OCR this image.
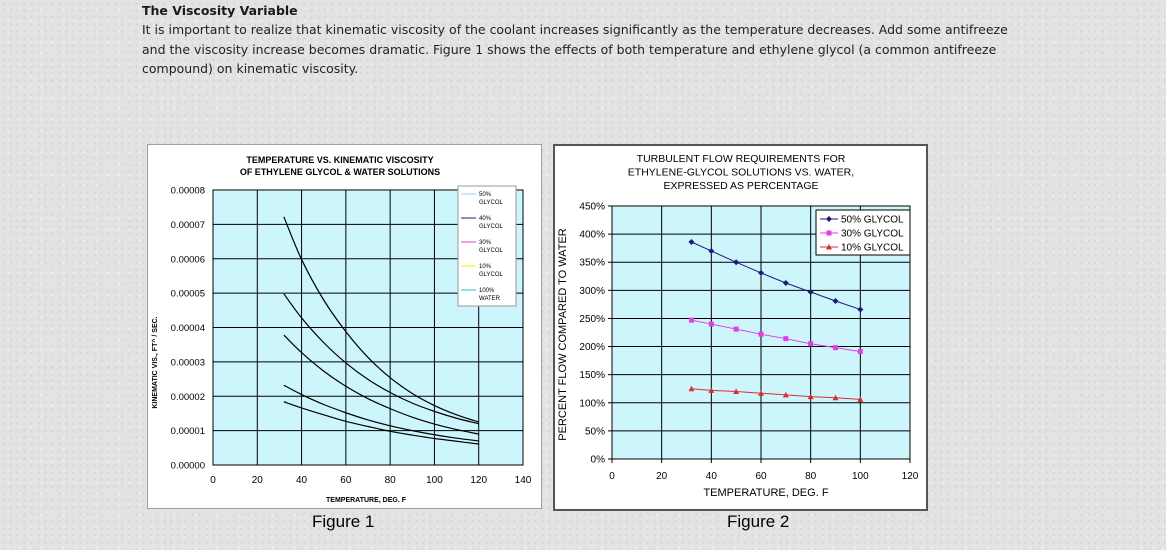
The Viscosity Variable

It is important to realize that kinematic viscosity of the coolant increases significantly as the temperature decreases. Add some antifreeze and the viscosity increase becomes dramatic. Figure 1 shows the effects of both temperature and ethylene glycol (a common antifreeze compound) on kinematic viscosity.

0	20	40	60	80	100	120	140
0.00000
0.00001
0.00002
0.00003
0.00004
0.00005
0.00006
0.00007
0.00008
TEMPERATURE VS. KINEMATIC VISCOSITY
OF ETHYLENE GLYCOL & WATER SOLUTIONS
TEMPERATURE, DEG. F
KINEMATIC VIS., FT^ / SEC.
50%
GLYCOL
40%
GLYCOL
30%
GLYCOL
10%
GLYCOL
100%
WATER
Figure 1
0	20	40	60	80	100	120
0%
50%
100%
150%
200%
250%
300%
350%
400%
450%
TURBULENT FLOW REQUIREMENTS FOR
ETHYLENE-GLYCOL SOLUTIONS VS. WATER,
EXPRESSED AS PERCENTAGE
TEMPERATURE, DEG. F
PERCENT FLOW COMPARED TO WATER
50% GLYCOL
30% GLYCOL
10% GLYCOL
Figure 2
